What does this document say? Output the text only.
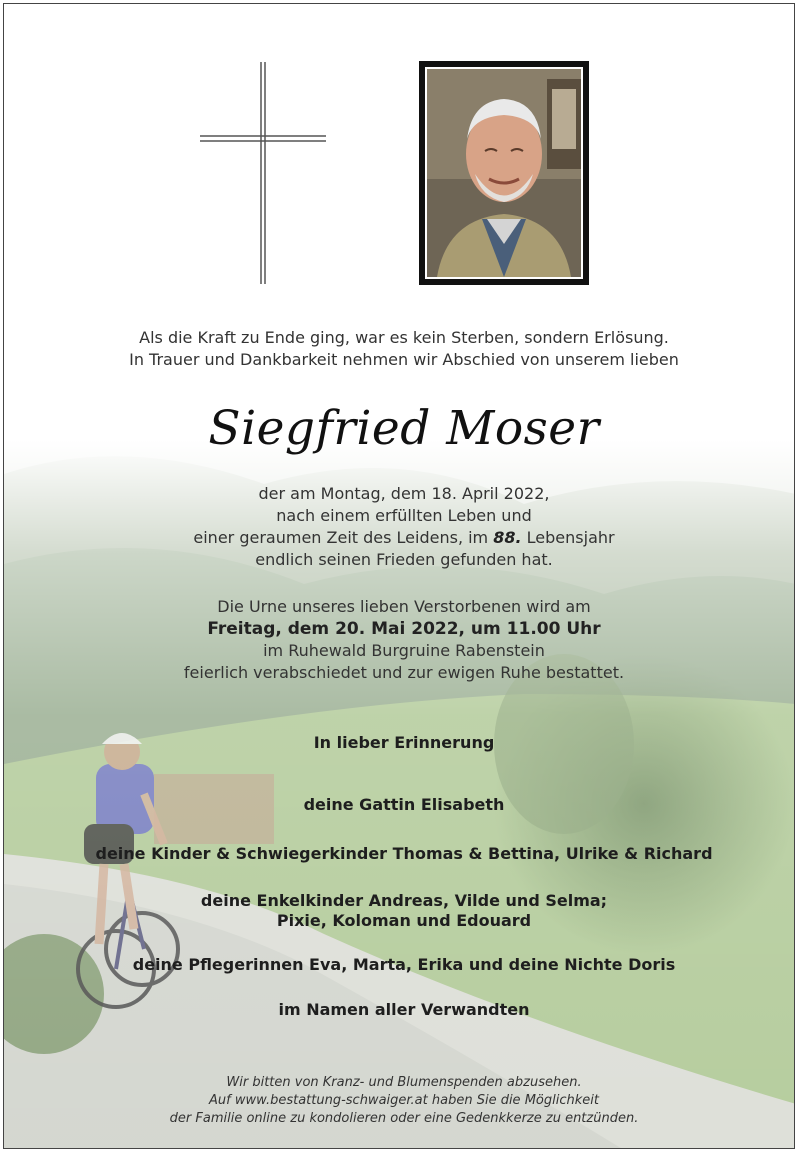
Als die Kraft zu Ende ging, war es kein Sterben, sondern Erlösung.
In Trauer und Dankbarkeit nehmen wir Abschied von unserem lieben
Siegfried Moser
der am Montag, dem 18. April 2022,
nach einem erfüllten Leben und
einer geraumen Zeit des Leidens, im 88. Lebensjahr
endlich seinen Frieden gefunden hat.
Die Urne unseres lieben Verstorbenen wird am
Freitag, dem 20. Mai 2022, um 11.00 Uhr
im Ruhewald Burgruine Rabenstein
feierlich verabschiedet und zur ewigen Ruhe bestattet.
In lieber Erinnerung
deine Gattin Elisabeth
deine Kinder & Schwiegerkinder Thomas & Bettina, Ulrike & Richard
deine Enkelkinder Andreas, Vilde und Selma;
Pixie, Koloman und Edouard
deine Pflegerinnen Eva, Marta, Erika und deine Nichte Doris
im Namen aller Verwandten
Wir bitten von Kranz- und Blumenspenden abzusehen.
Auf www.bestattung-schwaiger.at haben Sie die Möglichkeit
der Familie online zu kondolieren oder eine Gedenkkerze zu entzünden.
